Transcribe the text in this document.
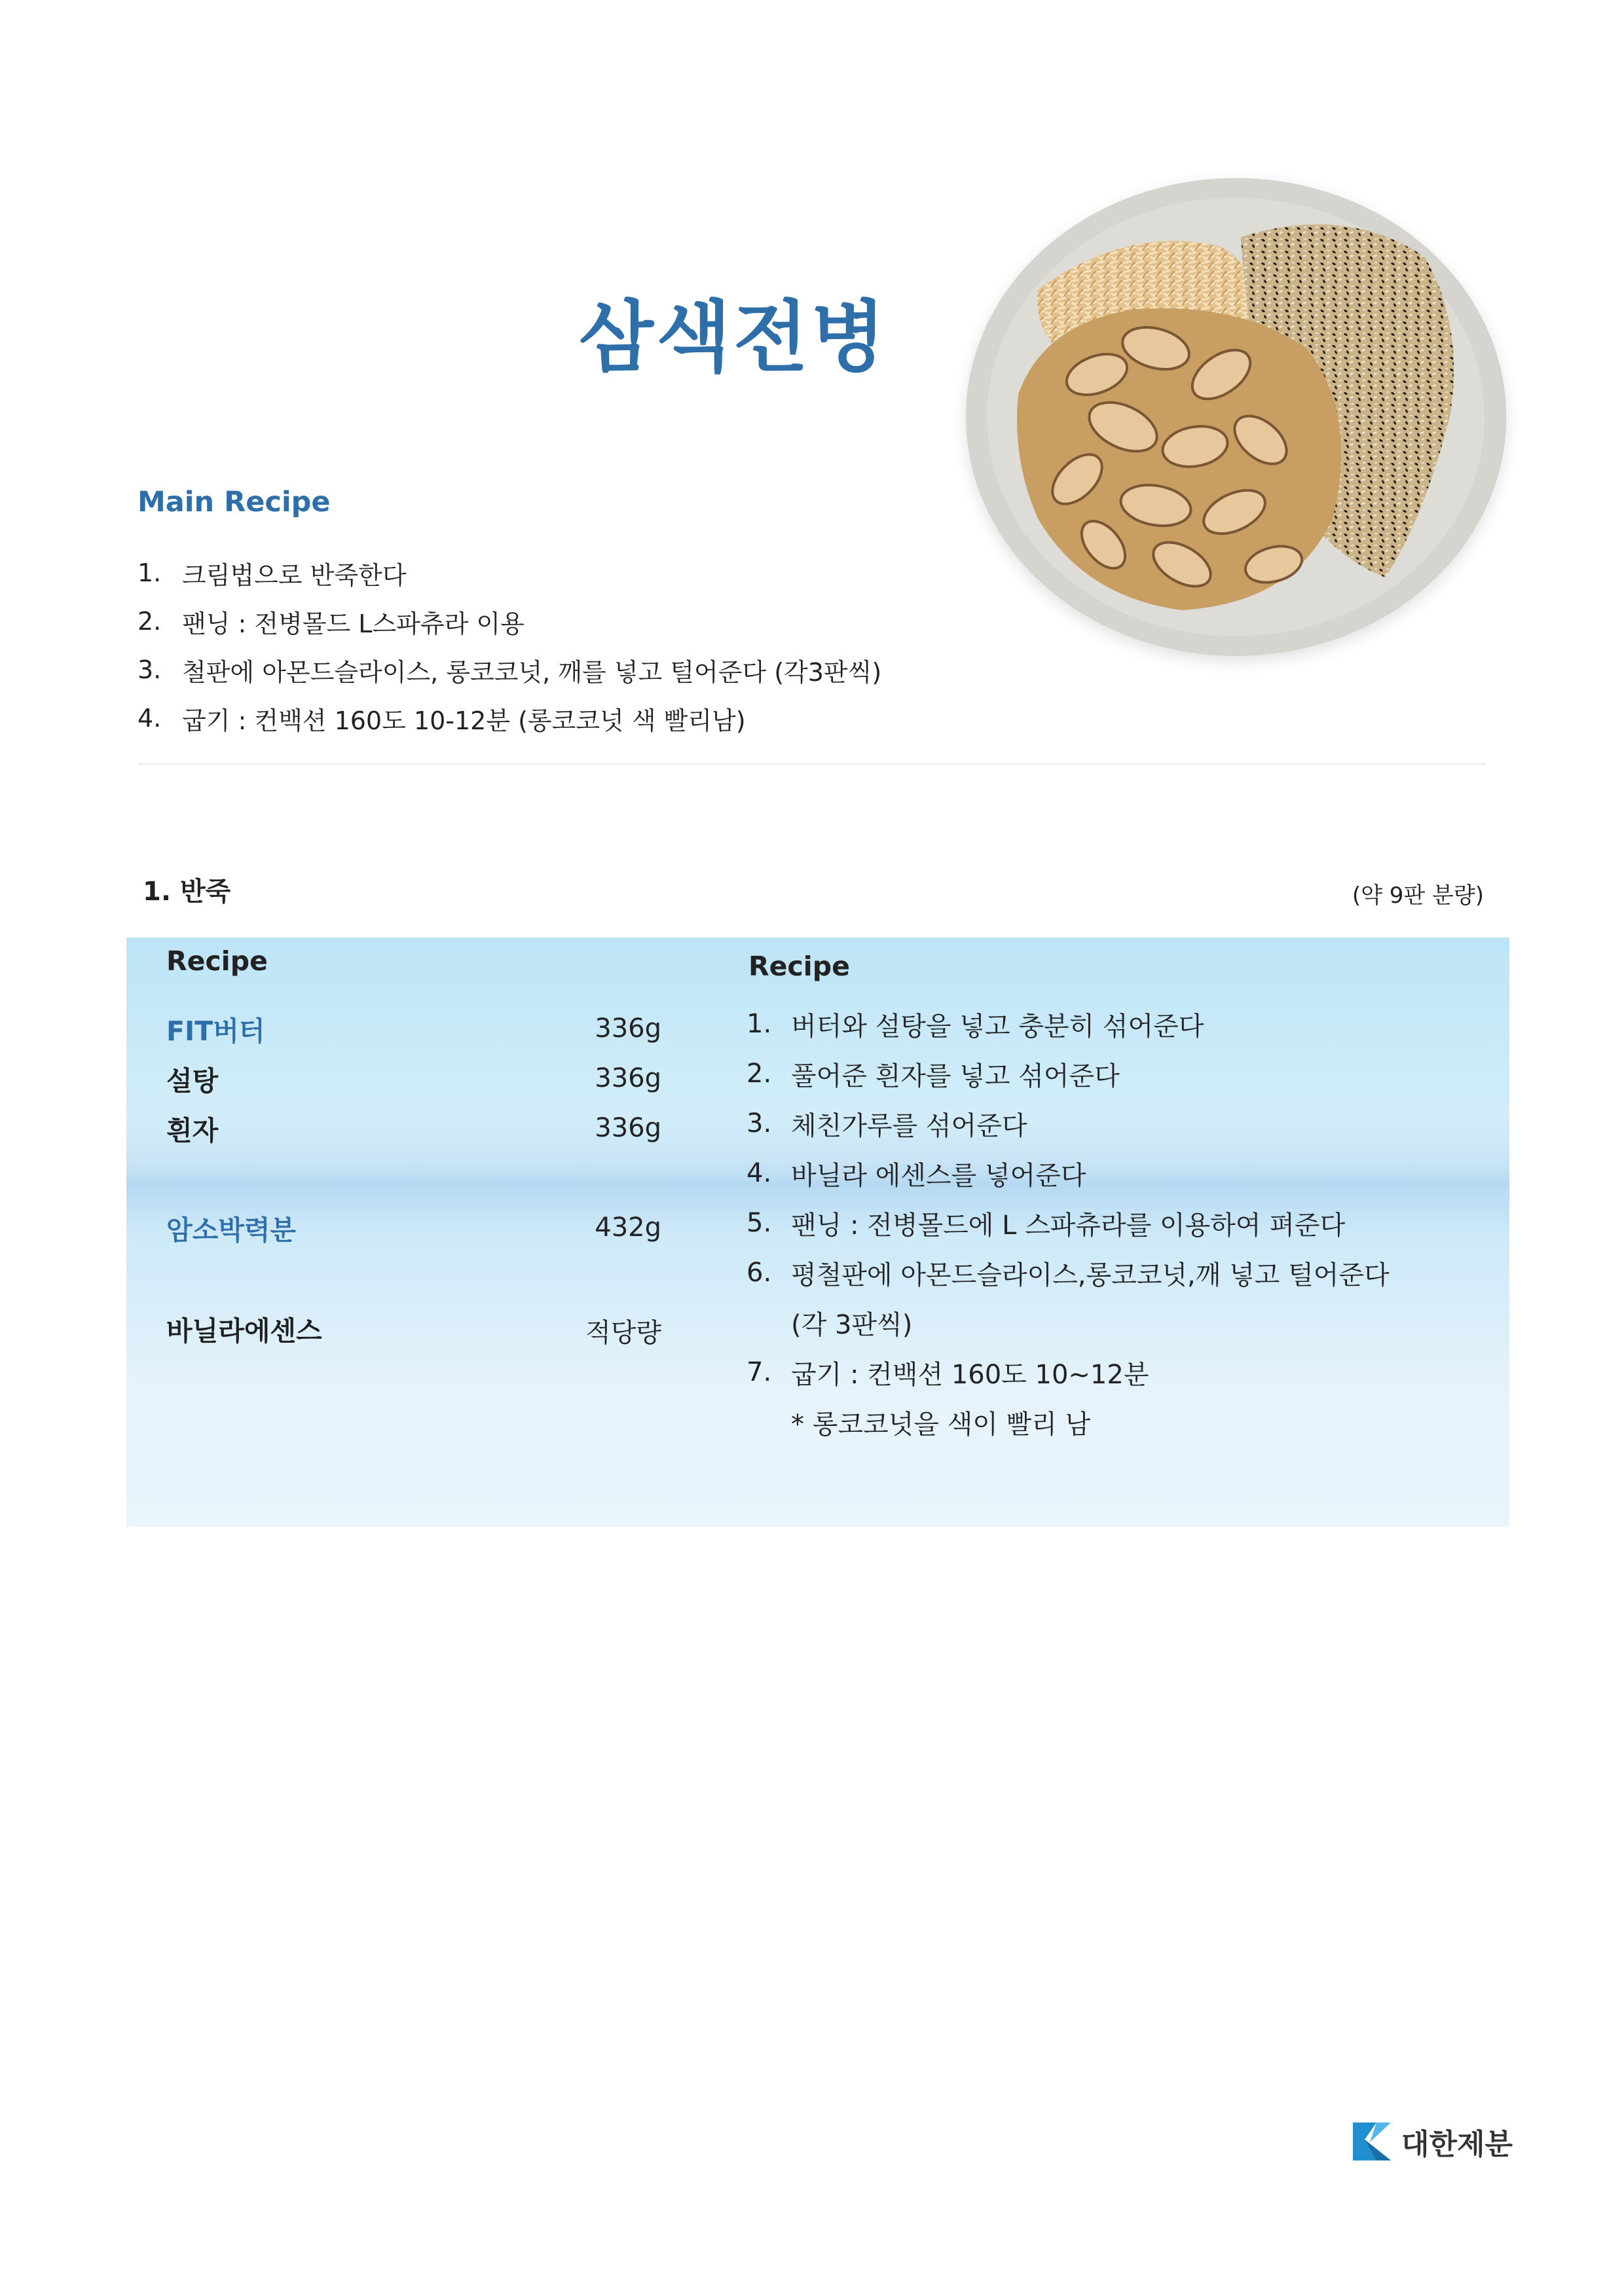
삼색전병
Main Recipe
1. 크림법으로 반죽한다
2. 팬닝 : 전병몰드 L스파츄라 이용
3. 철판에 아몬드슬라이스, 롱코코넛, 깨를 넣고 털어준다 (각3판씩)
4. 굽기 : 컨백션 160도 10-12분 (롱코코넛 색 빨리남)
1. 반죽	(약 9판 분량)
Recipe
FIT버터	336g
설탕	336g
흰자	336g
암소박력분	432g
바닐라에센스	적당량
Recipe
1. 버터와 설탕을 넣고 충분히 섞어준다
2. 풀어준 흰자를 넣고 섞어준다
3. 체친가루를 섞어준다
4. 바닐라 에센스를 넣어준다
5. 팬닝 : 전병몰드에 L 스파츄라를 이용하여 펴준다
6. 평철판에 아몬드슬라이스,롱코코넛,깨 넣고 털어준다
(각 3판씩)
7. 굽기 : 컨백션 160도 10~12분
* 롱코코넛을 색이 빨리 남
대한제분
